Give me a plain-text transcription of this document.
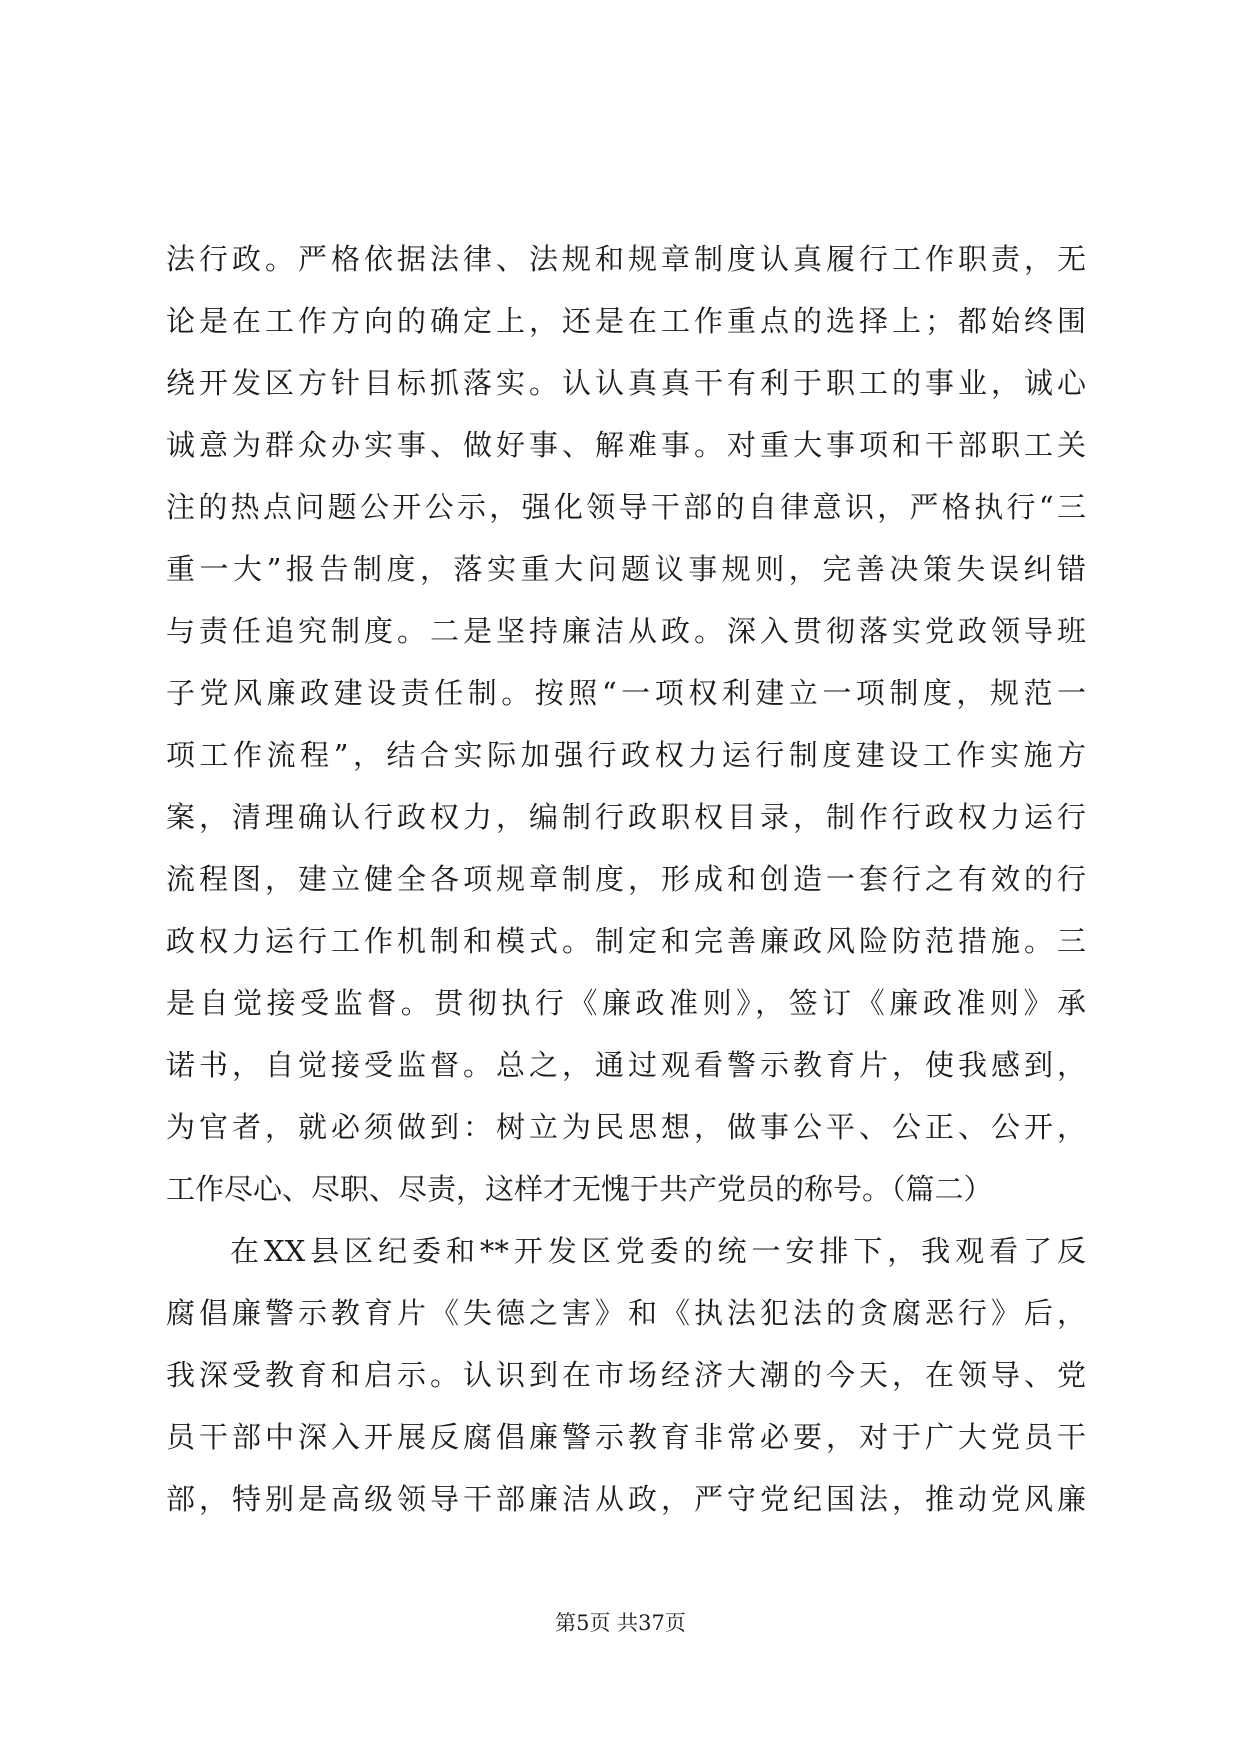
法行政。严格依据法律、法规和规章制度认真履行工作职责，无
论是在工作方向的确定上，还是在工作重点的选择上；都始终围
绕开发区方针目标抓落实。认认真真干有利于职工的事业，诚心
诚意为群众办实事、做好事、解难事。对重大事项和干部职工关
注的热点问题公开公示，强化领导干部的自律意识，严格执行“三
重一大”报告制度，落实重大问题议事规则，完善决策失误纠错
与责任追究制度。二是坚持廉洁从政。深入贯彻落实党政领导班
子党风廉政建设责任制。按照“一项权利建立一项制度，规范一
项工作流程”，结合实际加强行政权力运行制度建设工作实施方
案，清理确认行政权力，编制行政职权目录，制作行政权力运行
流程图，建立健全各项规章制度，形成和创造一套行之有效的行
政权力运行工作机制和模式。制定和完善廉政风险防范措施。三
是自觉接受监督。贯彻执行《廉政准则》，签订《廉政准则》承
诺书，自觉接受监督。总之，通过观看警示教育片，使我感到，
为官者，就必须做到：树立为民思想，做事公平、公正、公开，
工作尽心、尽职、尽责，这样才无愧于共产党员的称号。（篇二）
在XX县区纪委和**开发区党委的统一安排下，我观看了反
腐倡廉警示教育片《失德之害》和《执法犯法的贪腐恶行》后，
我深受教育和启示。认识到在市场经济大潮的今天，在领导、党
员干部中深入开展反腐倡廉警示教育非常必要，对于广大党员干
部，特别是高级领导干部廉洁从政，严守党纪国法，推动党风廉
第5页 共37页
